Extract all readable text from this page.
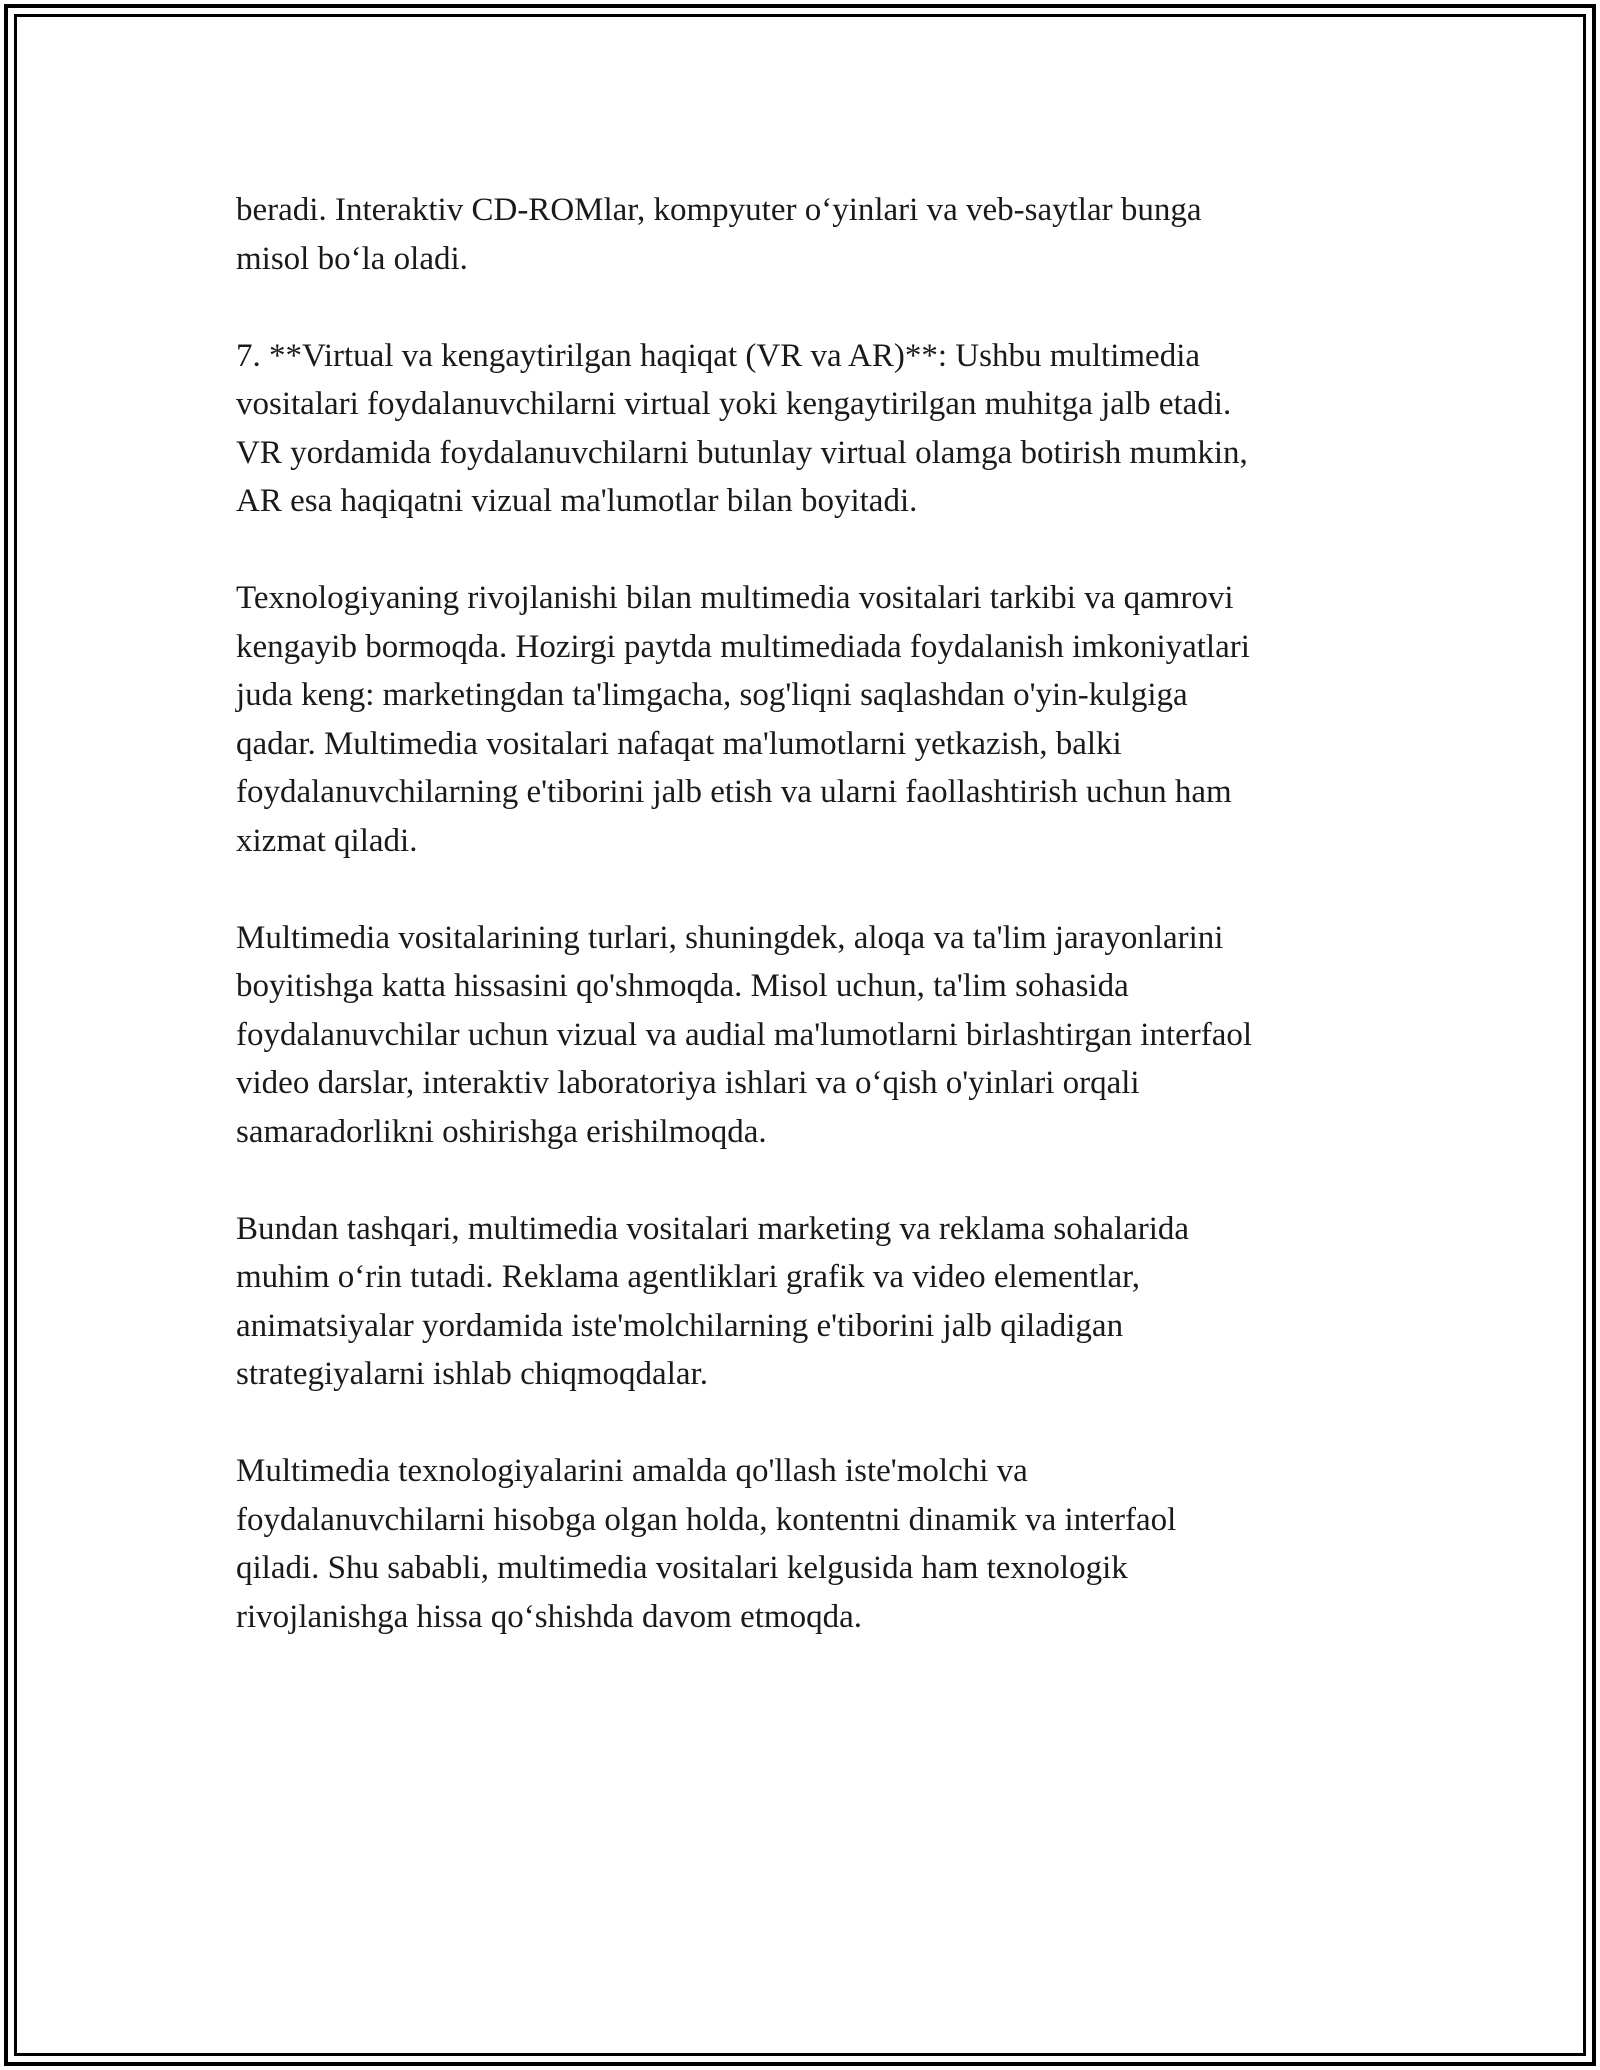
beradi. Interaktiv CD-ROMlar, kompyuter o‘yinlari va veb-saytlar bunga
misol bo‘la oladi.

7. **Virtual va kengaytirilgan haqiqat (VR va AR)**: Ushbu multimedia
vositalari foydalanuvchilarni virtual yoki kengaytirilgan muhitga jalb etadi.
VR yordamida foydalanuvchilarni butunlay virtual olamga botirish mumkin,
AR esa haqiqatni vizual ma'lumotlar bilan boyitadi.

Texnologiyaning rivojlanishi bilan multimedia vositalari tarkibi va qamrovi
kengayib bormoqda. Hozirgi paytda multimediada foydalanish imkoniyatlari
juda keng: marketingdan ta'limgacha, sog'liqni saqlashdan o'yin-kulgiga
qadar. Multimedia vositalari nafaqat ma'lumotlarni yetkazish, balki
foydalanuvchilarning e'tiborini jalb etish va ularni faollashtirish uchun ham
xizmat qiladi.

Multimedia vositalarining turlari, shuningdek, aloqa va ta'lim jarayonlarini
boyitishga katta hissasini qo'shmoqda. Misol uchun, ta'lim sohasida
foydalanuvchilar uchun vizual va audial ma'lumotlarni birlashtirgan interfaol
video darslar, interaktiv laboratoriya ishlari va o‘qish o'yinlari orqali
samaradorlikni oshirishga erishilmoqda.

Bundan tashqari, multimedia vositalari marketing va reklama sohalarida
muhim o‘rin tutadi. Reklama agentliklari grafik va video elementlar,
animatsiyalar yordamida iste'molchilarning e'tiborini jalb qiladigan
strategiyalarni ishlab chiqmoqdalar.

Multimedia texnologiyalarini amalda qo'llash iste'molchi va
foydalanuvchilarni hisobga olgan holda, kontentni dinamik va interfaol
qiladi. Shu sababli, multimedia vositalari kelgusida ham texnologik
rivojlanishga hissa qo‘shishda davom etmoqda.
